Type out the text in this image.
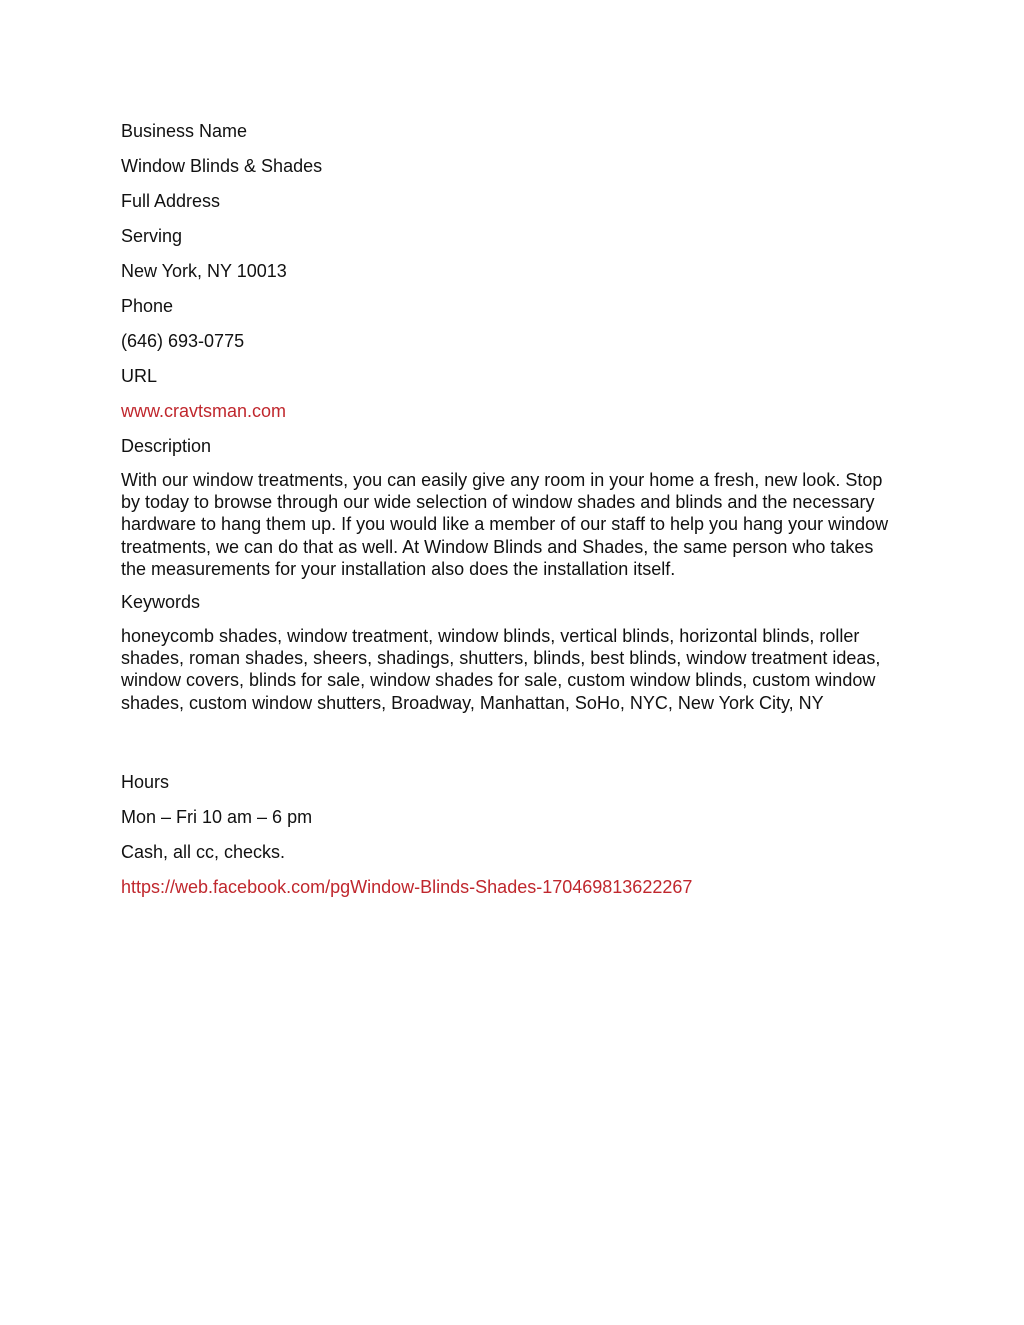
Business Name

Window Blinds & Shades

Full Address

Serving

New York, NY 10013

Phone

(646) 693-0775

URL

www.cravtsman.com

Description

With our window treatments, you can easily give any room in your home a fresh, new look. Stop by today to browse through our wide selection of window shades and blinds and the necessary hardware to hang them up. If you would like a member of our staff to help you hang your window treatments, we can do that as well. At Window Blinds and Shades, the same person who takes the measurements for your installation also does the installation itself.

Keywords

honeycomb shades, window treatment, window blinds, vertical blinds, horizontal blinds, roller shades, roman shades, sheers, shadings, shutters, blinds, best blinds, window treatment ideas, window covers, blinds for sale, window shades for sale, custom window blinds, custom window shades, custom window shutters, Broadway, Manhattan, SoHo, NYC, New York City, NY

Hours

Mon – Fri 10 am – 6 pm

Cash, all cc, checks.

https://web.facebook.com/pgWindow-Blinds-Shades-170469813622267
